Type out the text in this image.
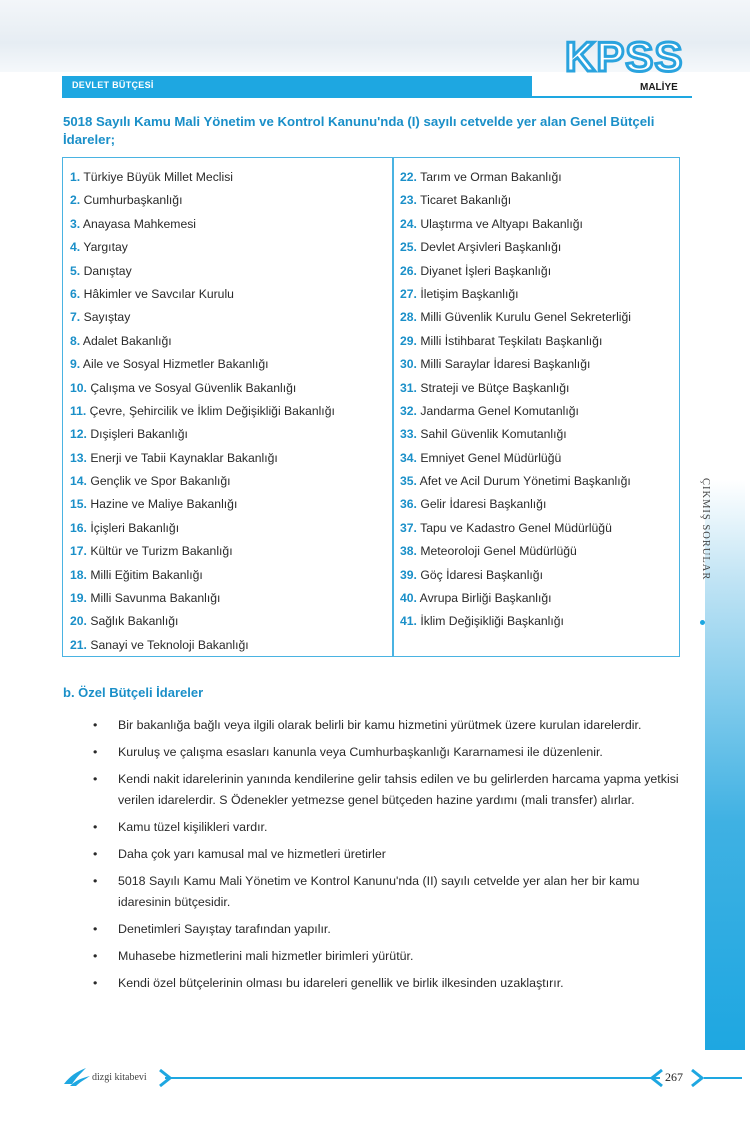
KPSS
DEVLET BÜTÇESİ	MALİYE
5018 Sayılı Kamu Mali Yönetim ve Kontrol Kanunu'nda (I) sayılı cetvelde yer alan Genel Bütçeli İdareler;
1. Türkiye Büyük Millet Meclisi
2. Cumhurbaşkanlığı
3. Anayasa Mahkemesi
4. Yargıtay
5. Danıştay
6. Hâkimler ve Savcılar Kurulu
7. Sayıştay
8. Adalet Bakanlığı
9. Aile ve Sosyal Hizmetler Bakanlığı
10. Çalışma ve Sosyal Güvenlik Bakanlığı
11. Çevre, Şehircilik ve İklim Değişikliği Bakanlığı
12. Dışişleri Bakanlığı
13. Enerji ve Tabii Kaynaklar Bakanlığı
14. Gençlik ve Spor Bakanlığı
15. Hazine ve Maliye Bakanlığı
16. İçişleri Bakanlığı
17. Kültür ve Turizm Bakanlığı
18. Milli Eğitim Bakanlığı
19. Milli Savunma Bakanlığı
20. Sağlık Bakanlığı
21. Sanayi ve Teknoloji Bakanlığı
22. Tarım ve Orman Bakanlığı
23. Ticaret Bakanlığı
24. Ulaştırma ve Altyapı Bakanlığı
25. Devlet Arşivleri Başkanlığı
26. Diyanet İşleri Başkanlığı
27. İletişim Başkanlığı
28. Milli Güvenlik Kurulu Genel Sekreterliği
29. Milli İstihbarat Teşkilatı Başkanlığı
30. Milli Saraylar İdaresi Başkanlığı
31. Strateji ve Bütçe Başkanlığı
32. Jandarma Genel Komutanlığı
33. Sahil Güvenlik Komutanlığı
34. Emniyet Genel Müdürlüğü
35. Afet ve Acil Durum Yönetimi Başkanlığı
36. Gelir İdaresi Başkanlığı
37. Tapu ve Kadastro Genel Müdürlüğü
38. Meteoroloji Genel Müdürlüğü
39. Göç İdaresi Başkanlığı
40. Avrupa Birliği Başkanlığı
41. İklim Değişikliği Başkanlığı
b. Özel Bütçeli İdareler
• Bir bakanlığa bağlı veya ilgili olarak belirli bir kamu hizmetini yürütmek üzere kurulan idarelerdir.
• Kuruluş ve çalışma esasları kanunla veya Cumhurbaşkanlığı Kararnamesi ile düzenlenir.
• Kendi nakit idarelerinin yanında kendilerine gelir tahsis edilen ve bu gelirlerden harcama yapma yetkisi verilen idarelerdir. S Ödenekler yetmezse genel bütçeden hazine yardımı (mali transfer) alırlar.
• Kamu tüzel kişilikleri vardır.
• Daha çok yarı kamusal mal ve hizmetleri üretirler
• 5018 Sayılı Kamu Mali Yönetim ve Kontrol Kanunu'nda (II) sayılı cetvelde yer alan her bir kamu idaresinin bütçesidir.
• Denetimleri Sayıştay tarafından yapılır.
• Muhasebe hizmetlerini mali hizmetler birimleri yürütür.
• Kendi özel bütçelerinin olması bu idareleri genellik ve birlik ilkesinden uzaklaştırır.
ÇIKMIŞ SORULAR
dizgi kitabevi	267
